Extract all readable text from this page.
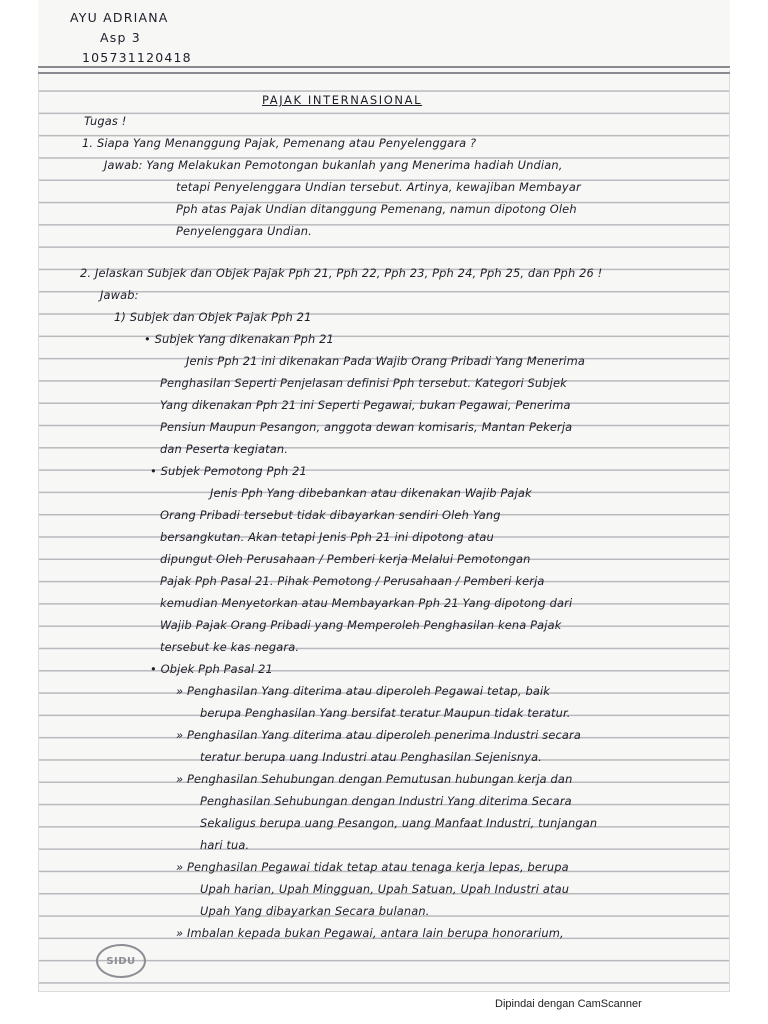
AYU ADRIANA
Asp 3
105731120418
PAJAK INTERNASIONAL
Tugas !
1. Siapa Yang Menanggung Pajak, Pemenang atau Penyelenggara ?
Jawab: Yang Melakukan Pemotongan bukanlah yang Menerima hadiah Undian,
tetapi Penyelenggara Undian tersebut. Artinya, kewajiban Membayar
Pph atas Pajak Undian ditanggung Pemenang, namun dipotong Oleh
Penyelenggara Undian.
2. Jelaskan Subjek dan Objek Pajak Pph 21, Pph 22, Pph 23, Pph 24, Pph 25, dan Pph 26 !
Jawab:
1) Subjek dan Objek Pajak Pph 21
• Subjek Yang dikenakan Pph 21
Jenis Pph 21 ini dikenakan Pada Wajib Orang Pribadi Yang Menerima
Penghasilan Seperti Penjelasan definisi Pph tersebut. Kategori Subjek
Yang dikenakan Pph 21 ini Seperti Pegawai, bukan Pegawai, Penerima
Pensiun Maupun Pesangon, anggota dewan komisaris, Mantan Pekerja
dan Peserta kegiatan.
• Subjek Pemotong Pph 21
Jenis Pph Yang dibebankan atau dikenakan Wajib Pajak
Orang Pribadi tersebut tidak dibayarkan sendiri Oleh Yang
bersangkutan. Akan tetapi Jenis Pph 21 ini dipotong atau
dipungut Oleh Perusahaan / Pemberi kerja Melalui Pemotongan
Pajak Pph Pasal 21. Pihak Pemotong / Perusahaan / Pemberi kerja
kemudian Menyetorkan atau Membayarkan Pph 21 Yang dipotong dari
Wajib Pajak Orang Pribadi yang Memperoleh Penghasilan kena Pajak
tersebut ke kas negara.
• Objek Pph Pasal 21
» Penghasilan Yang diterima atau diperoleh Pegawai tetap, baik
berupa Penghasilan Yang bersifat teratur Maupun tidak teratur.
» Penghasilan Yang diterima atau diperoleh penerima Industri secara
teratur berupa uang Industri atau Penghasilan Sejenisnya.
» Penghasilan Sehubungan dengan Pemutusan hubungan kerja dan
Penghasilan Sehubungan dengan Industri Yang diterima Secara
Sekaligus berupa uang Pesangon, uang Manfaat Industri, tunjangan
hari tua.
» Penghasilan Pegawai tidak tetap atau tenaga kerja lepas, berupa
Upah harian, Upah Mingguan, Upah Satuan, Upah Industri atau
Upah Yang dibayarkan Secara bulanan.
» Imbalan kepada bukan Pegawai, antara lain berupa honorarium,
SIDU
Dipindai dengan CamScanner
